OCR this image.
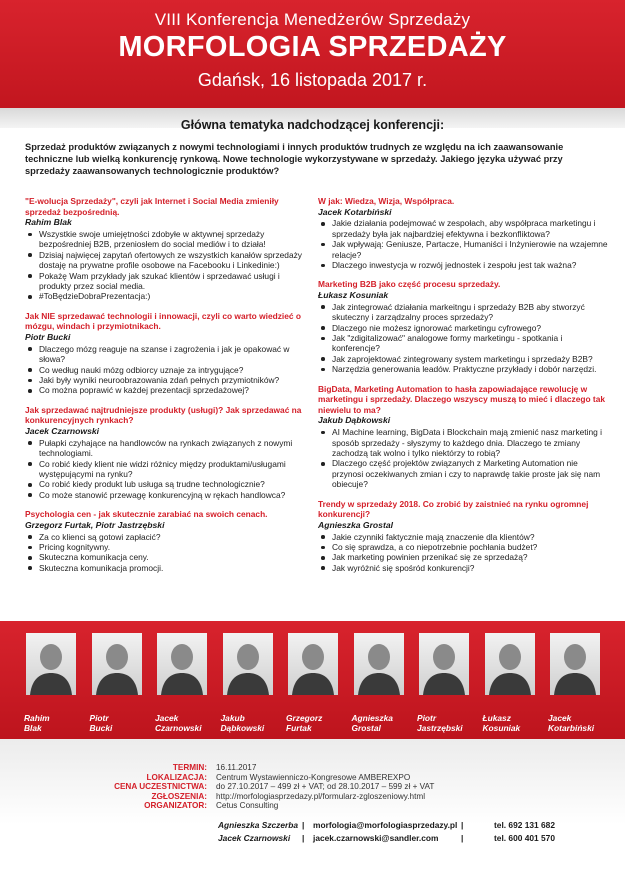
VIII Konferencja Menedżerów Sprzedaży
MORFOLOGIA SPRZEDAŻY
Gdańsk, 16 listopada 2017 r.
Główna tematyka nadchodzącej konferencji:
Sprzedaż produktów związanych z nowymi technologiami i innych produktów trudnych ze względu na ich zaawansowanie techniczne lub wielką konkurencję rynkową. Nowe technologie wykorzystywane w sprzedaży. Jakiego języka używać przy sprzedaży zaawansowanych technologicznie produktów?
"E-wolucja Sprzedaży", czyli jak Internet i Social Media zmieniły sprzedaż bezpośrednią.
Rahim Blak
Wszystkie swoje umiejętności zdobyłe w aktywnej sprzedaży bezpośredniej B2B, przeniosłem do social mediów i to działa!
Dzisiaj najwięcej zapytań ofertowych ze wszystkich kanałów sprzedaży dostaję na prywatne profile osobowe na Facebooku i Linkedinie:)
Pokażę Wam przykłady jak szukać klientów i sprzedawać usługi i produkty przez social media.
#ToBędzieDobraPrezentacja:)
Jak NIE sprzedawać technologii i innowacji, czyli co warto wiedzieć o mózgu, windach i przymiotnikach.
Piotr Bucki
Dlaczego mózg reaguje na szanse i zagrożenia i jak je opakować w słowa?
Co według nauki mózg odbiorcy uznaje za intrygujące?
Jaki były wyniki neuroobrazowania zdań pełnych przymiotników?
Co można poprawić w każdej prezentacji sprzedażowej?
Jak sprzedawać najtrudniejsze produkty (usługi)? Jak sprzedawać na konkurencyjnych rynkach?
Jacek Czarnowski
Pułapki czyhające na handlowców na rynkach związanych z nowymi technologiami.
Co robić kiedy klient nie widzi różnicy między produktami/usługami występującymi na rynku?
Co robić kiedy produkt lub usługa są trudne technologicznie?
Co może stanowić przewagę konkurencyjną w rękach handlowca?
Psychologia cen - jak skutecznie zarabiać na swoich cenach.
Grzegorz Furtak, Piotr Jastrzębski
Za co klienci są gotowi zapłacić?
Pricing kognitywny.
Skuteczna komunikacja ceny.
Skuteczna komunikacja promocji.
W jak: Wiedza, Wizja, Współpraca.
Jacek Kotarbiński
Jakie działania podejmować w zespołach, aby współpraca marketingu i sprzedaży była jak najbardziej efektywna i bezkonfliktowa?
Jak wpływają: Geniusze, Partacze, Humaniści i Inżynierowie na wzajemne relacje?
Dlaczego inwestycja w rozwój jednostek i zespołu jest tak ważna?
Marketing B2B jako część procesu sprzedaży.
Łukasz Kosuniak
Jak zintegrować działania markeitngu i sprzedaży B2B aby stworzyć skuteczny i zarządzalny proces sprzedaży?
Dlaczego nie możesz ignorować marketingu cyfrowego?
Jak "zdigitalizować" analogowe formy marketingu - spotkania i konferencje?
Jak zaprojektować zintegrowany system marketingu i sprzedaży B2B?
Narzędzia generowania leadów. Praktyczne przykłady i dobór narzędzi.
BigData, Marketing Automation to hasła zapowiadające rewolucję w marketingu i sprzedaży. Dlaczego wszyscy muszą to mieć i dlaczego tak niewielu to ma?
Jakub Dąbkowski
AI Machine learning, BigData i Blockchain mają zmienić nasz marketing i sposób sprzedaży - słyszymy to każdego dnia. Dlaczego te zmiany zachodzą tak wolno i tylko niektórzy to robią?
Dlaczego część projektów związanych z Marketing Automation nie przynosi oczekiwanych zmian i czy to naprawdę takie proste jak się nam obiecuje?
Trendy w sprzedaży 2018. Co zrobić by zaistnieć na rynku ogromnej konkurencji?
Agnieszka Grostal
Jakie czynniki faktycznie mają znaczenie dla klientów?
Co się sprawdza, a co niepotrzebnie pochłania budżet?
Jak marketing powinien przenikać się ze sprzedażą?
Jak wyróżnić się spośród konkurencji?
Rahim
Blak
Piotr
Bucki
Jacek
Czarnowski
Jakub
Dąbkowski
Grzegorz
Furtak
Agnieszka
Grostal
Piotr
Jastrzębski
Łukasz
Kosuniak
Jacek
Kotarbiński
TERMIN: 16.11.2017
LOKALIZACJA: Centrum Wystawienniczo-Kongresowe AMBEREXPO
CENA UCZESTNICTWA: do 27.10.2017 – 499 zł + VAT; od 28.10.2017 – 599 zł + VAT
ZGŁOSZENIA: http://morfologiasprzedazy.pl/formularz-zgloszeniowy.html
ORGANIZATOR: Cetus Consulting
Agnieszka Szczerba | morfologia@morfologiasprzedazy.pl |	tel. 692 131 682
Jacek Czarnowski | jacek.czarnowski@sandler.com	|	tel. 600 401 570
